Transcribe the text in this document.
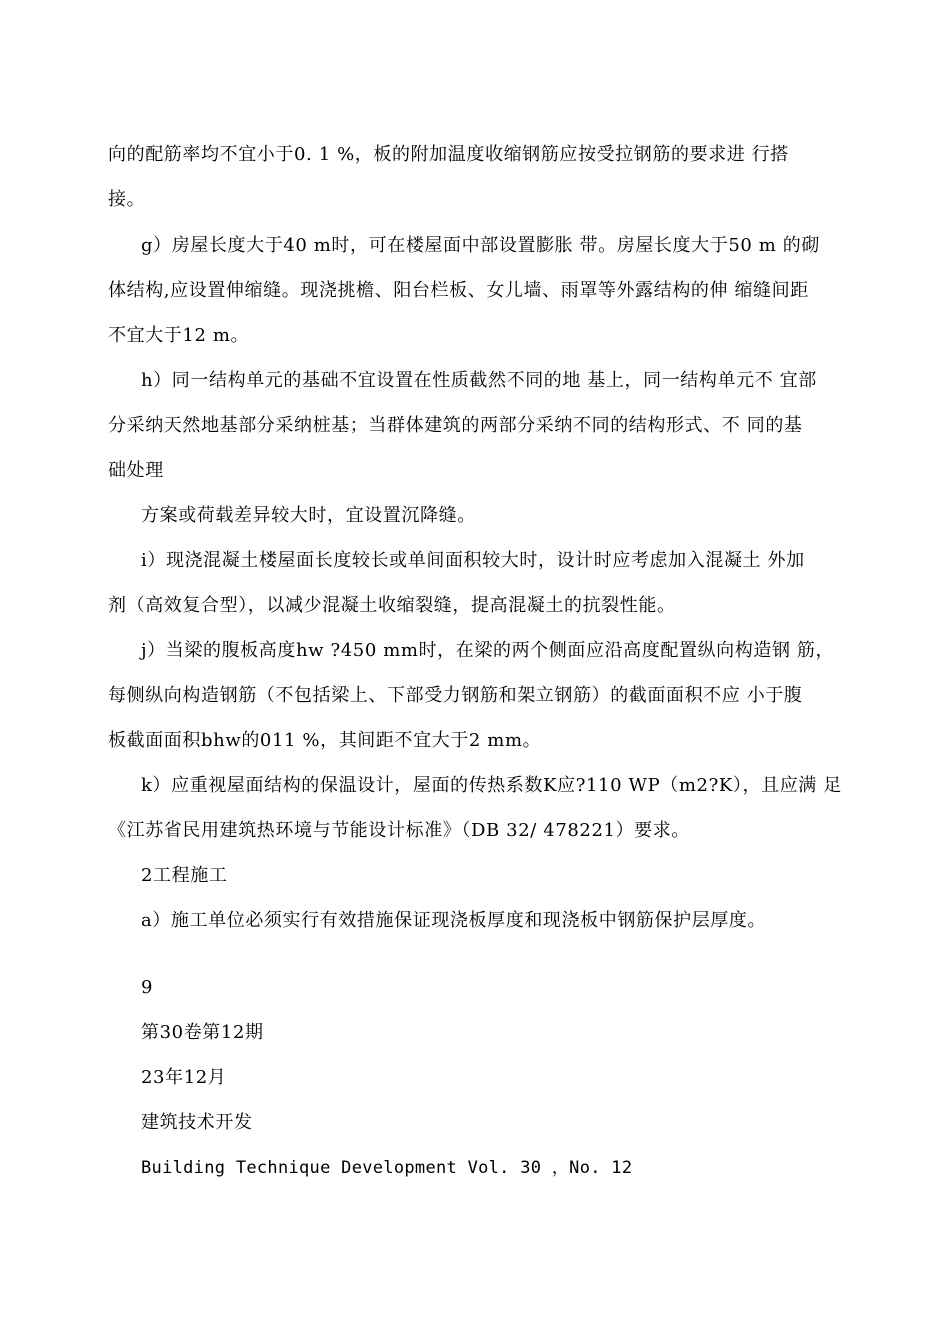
向的配筋率均不宜小于0. 1 %，板的附加温度收缩钢筋应按受拉钢筋的要求进 行搭
接。
g）房屋长度大于40 m时，可在楼屋面中部设置膨胀 带。房屋长度大于50 m 的砌
体结构,应设置伸缩缝。现浇挑檐、阳台栏板、女儿墙、雨罩等外露结构的伸 缩缝间距
不宜大于12 m。
h）同一结构单元的基础不宜设置在性质截然不同的地 基上，同一结构单元不 宜部
分采纳天然地基部分采纳桩基；当群体建筑的两部分采纳不同的结构形式、不 同的基
础处理
方案或荷载差异较大时，宜设置沉降缝。
i）现浇混凝土楼屋面长度较长或单间面积较大时，设计时应考虑加入混凝土 外加
剂（高效复合型），以减少混凝土收缩裂缝，提高混凝土的抗裂性能。
j）当梁的腹板高度hw ?450 mm时，在梁的两个侧面应沿高度配置纵向构造钢 筋，
每侧纵向构造钢筋（不包括梁上、下部受力钢筋和架立钢筋）的截面面积不应 小于腹
板截面面积bhw的011 %，其间距不宜大于2 mm。
k）应重视屋面结构的保温设计，屋面的传热系数K应?110 WP（m2?K），且应满 足
《江苏省民用建筑热环境与节能设计标准》（DB 32/ 478221）要求。
2工程施工
a）施工单位必须实行有效措施保证现浇板厚度和现浇板中钢筋保护层厚度。
9
第30卷第12期
23年12月
建筑技术开发
Building Technique Development Vol. 30 ，No. 12
